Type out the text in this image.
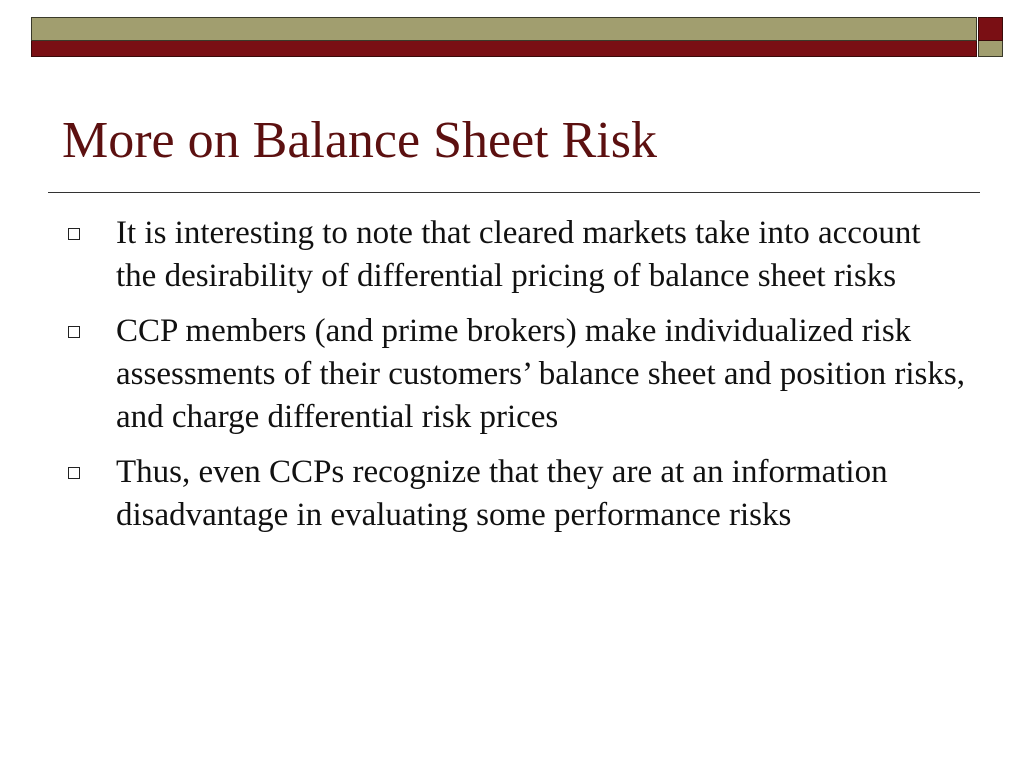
More on Balance Sheet Risk
It is interesting to note that cleared markets take into account the desirability of differential pricing of balance sheet risks
CCP members (and prime brokers) make individualized risk assessments of their customers’ balance sheet and position risks, and charge differential risk prices
Thus, even CCPs recognize that they are at an information disadvantage in evaluating some performance risks
